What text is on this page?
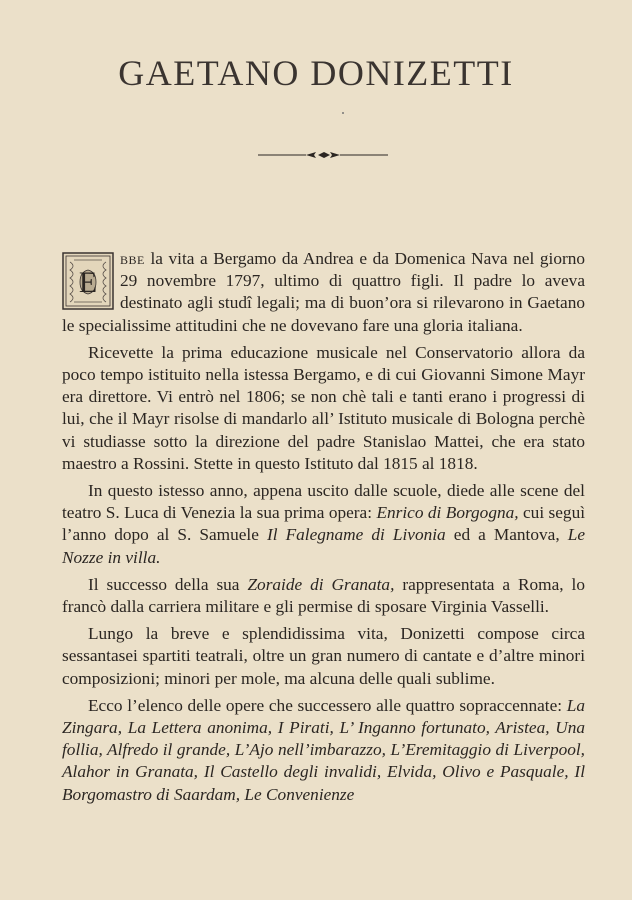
GAETANO DONIZETTI

E
bbe la vita a Bergamo da Andrea e da Domenica Nava nel giorno 29 novembre 1797, ultimo di quattro figli. Il padre lo aveva destinato agli studî legali; ma di buon’ora si rilevarono in Gaetano le specialissime attitudini che ne dovevano fare una gloria italiana.

Ricevette la prima educazione musicale nel Conservatorio allora da poco tempo istituito nella istessa Bergamo, e di cui Giovanni Simone Mayr era direttore. Vi entrò nel 1806; se non chè tali e tanti erano i progressi di lui, che il Mayr risolse di mandarlo all’ Istituto musicale di Bologna perchè vi studiasse sotto la direzione del padre Stanislao Mattei, che era stato maestro a Rossini. Stette in questo Istituto dal 1815 al 1818.

In questo istesso anno, appena uscito dalle scuole, diede alle scene del teatro S. Luca di Venezia la sua prima opera: Enrico di Borgogna, cui seguì l’anno dopo al S. Samuele Il Falegname di Livonia ed a Mantova, Le Nozze in villa.

Il successo della sua Zoraide di Granata, rappresentata a Roma, lo francò dalla carriera militare e gli permise di sposare Virginia Vasselli.

Lungo la breve e splendidissima vita, Donizetti compose circa sessantasei spartiti teatrali, oltre un gran numero di cantate e d’altre minori composizioni; minori per mole, ma alcuna delle quali sublime.

Ecco l’elenco delle opere che successero alle quattro sopraccennate: La Zingara, La Lettera anonima, I Pirati, L’ Inganno fortunato, Aristea, Una follia, Alfredo il grande, L’Ajo nell’imbarazzo, L’Eremitaggio di Liverpool, Alahor in Granata, Il Castello degli invalidi, Elvida, Olivo e Pasquale, Il Borgomastro di Saardam, Le Convenienze
